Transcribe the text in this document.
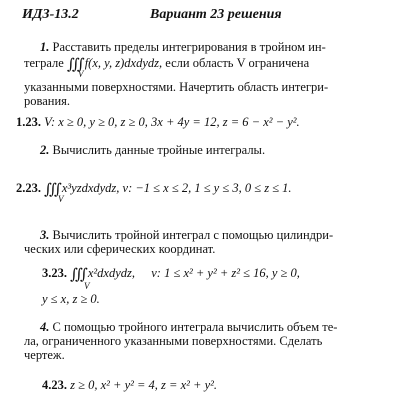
ИДЗ-13.2	Вариант 23 решения
1. Расставить пределы интегрирования в тройном ин-
теграле ∭ f(x, y, z)dxdydz, если область V ограничена
V
указанными поверхностями. Начертить область интегри-
рования.
1.23. V: x ≥ 0, y ≥ 0, z ≥ 0, 3x + 4y = 12, z = 6 − x² − y².
2. Вычислить данные тройные интегралы.
2.23. ∭ x³yzdxdydz, v: −1 ≤ x ≤ 2, 1 ≤ y ≤ 3, 0 ≤ z ≤ 1.
V
3. Вычислить тройной интеграл с помощью цилиндри-
ческих или сферических координат.
3.23. ∭ x²dxdydz, v: 1 ≤ x² + y² + z² ≤ 16, y ≥ 0,
V
y ≤ x, z ≥ 0.
4. С помощью тройного интеграла вычислить объем те-
ла, ограниченного указанными поверхностями. Сделать
чертеж.
4.23. z ≥ 0, x² + y² = 4, z = x² + y².
